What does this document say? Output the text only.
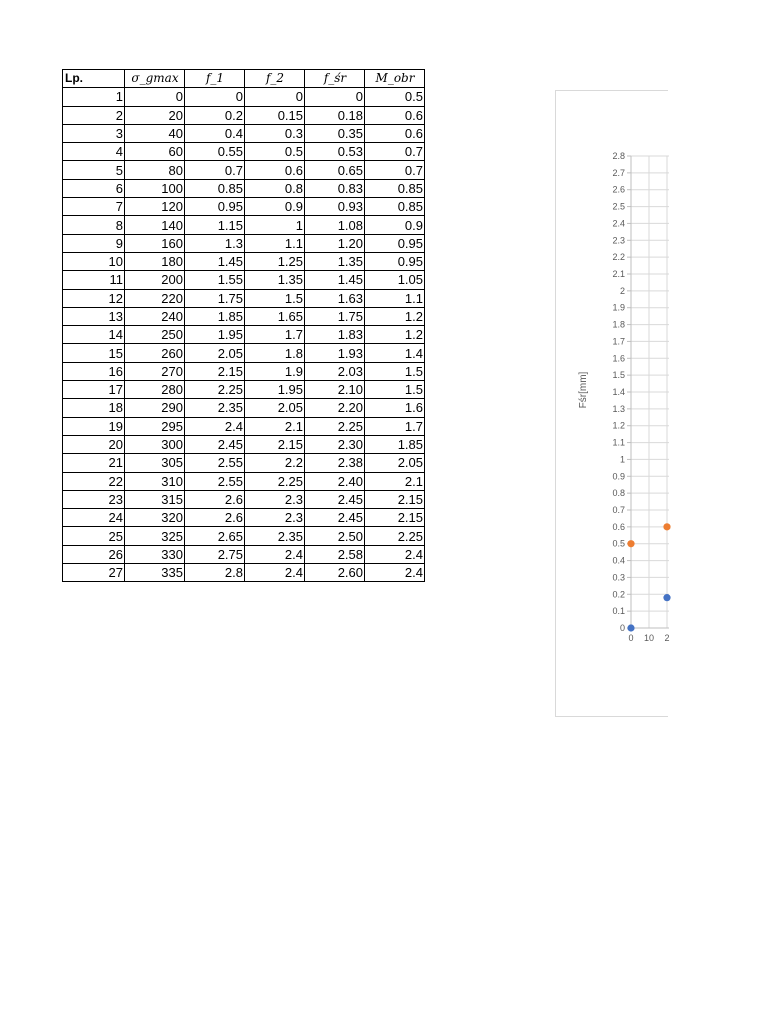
Lp.	σ_gmax	f_1	f_2	f_śr	M_obr
1	0	0	0	0	0.5
2	20	0.2	0.15	0.18	0.6
3	40	0.4	0.3	0.35	0.6
4	60	0.55	0.5	0.53	0.7
5	80	0.7	0.6	0.65	0.7
6	100	0.85	0.8	0.83	0.85
7	120	0.95	0.9	0.93	0.85
8	140	1.15	1	1.08	0.9
9	160	1.3	1.1	1.20	0.95
10	180	1.45	1.25	1.35	0.95
11	200	1.55	1.35	1.45	1.05
12	220	1.75	1.5	1.63	1.1
13	240	1.85	1.65	1.75	1.2
14	250	1.95	1.7	1.83	1.2
15	260	2.05	1.8	1.93	1.4
16	270	2.15	1.9	2.03	1.5
17	280	2.25	1.95	2.10	1.5
18	290	2.35	2.05	2.20	1.6
19	295	2.4	2.1	2.25	1.7
20	300	2.45	2.15	2.30	1.85
21	305	2.55	2.2	2.38	2.05
22	310	2.55	2.25	2.40	2.1
23	315	2.6	2.3	2.45	2.15
24	320	2.6	2.3	2.45	2.15
25	325	2.65	2.35	2.50	2.25
26	330	2.75	2.4	2.58	2.4
27	335	2.8	2.4	2.60	2.4
0
0.1
0.2
0.3
0.4
0.5
0.6
0.7
0.8
0.9
1
1.1
1.2
1.3
1.4
1.5
1.6
1.7
1.8
1.9
2
2.1
2.2
2.3
2.4
2.5
2.6
2.7
2.8
0 10 2
Fśr[mm]
